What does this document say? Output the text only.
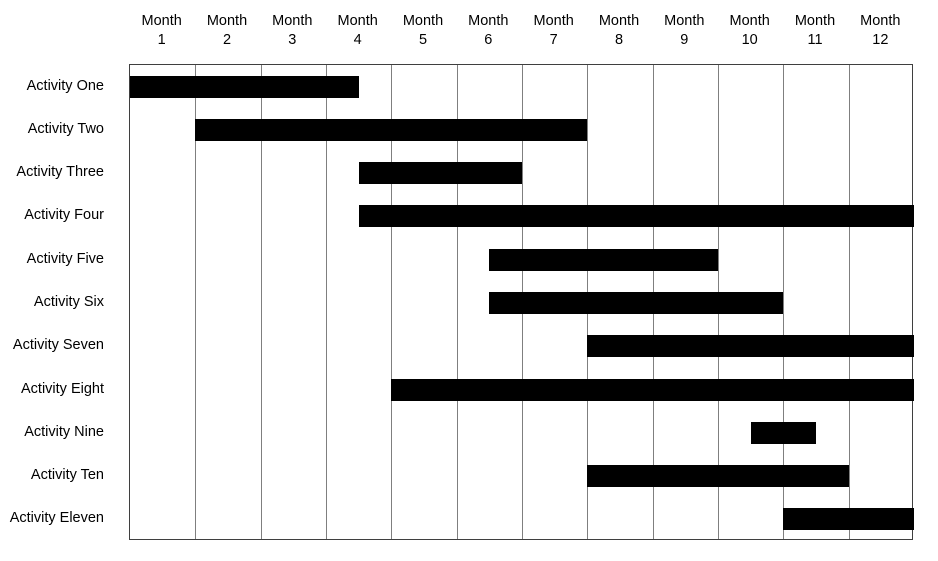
Month
1
Month
2
Month
3
Month
4
Month
5
Month
6
Month
7
Month
8
Month
9
Month
10
Month
11
Month
12
Activity One
Activity Two
Activity Three
Activity Four
Activity Five
Activity Six
Activity Seven
Activity Eight
Activity Nine
Activity Ten
Activity Eleven
